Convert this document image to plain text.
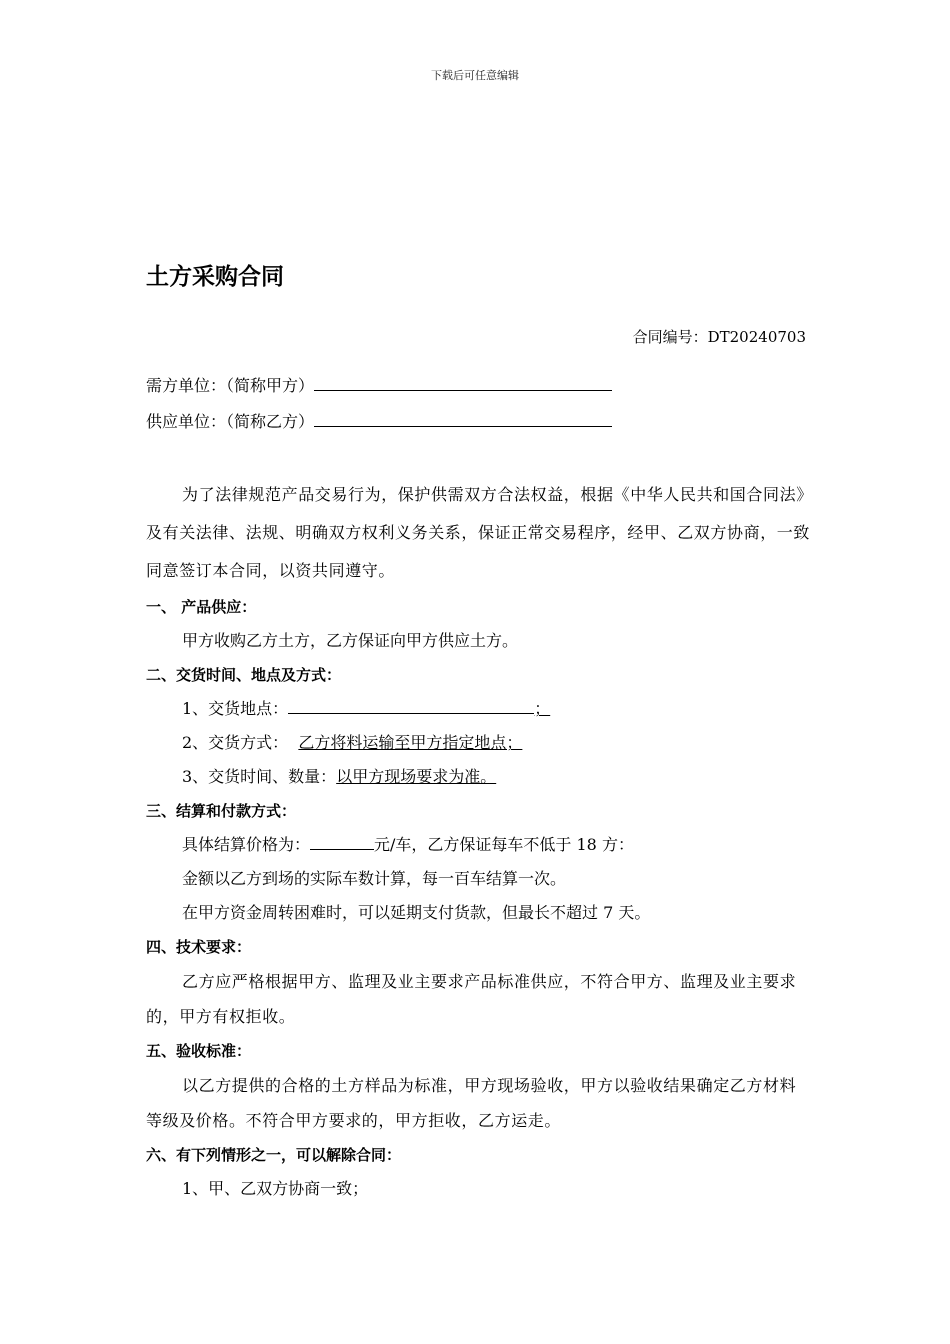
下载后可任意编辑
土方采购合同
合同编号：DT20240703
需方单位：（简称甲方）
供应单位：（简称乙方）

为了法律规范产品交易行为，保护供需双方合法权益，根据《中华人民共和国合同法》及有关法律、法规、明确双方权利义务关系，保证正常交易程序，经甲、乙双方协商，一致同意签订本合同，以资共同遵守。

一、 产品供应：

甲方收购乙方土方，乙方保证向甲方供应土方。

二、交货时间、地点及方式：

1、交货地点：	；

2、交货方式： 乙方将料运输至甲方指定地点；

3、交货时间、数量：以甲方现场要求为准。

三、结算和付款方式：

具体结算价格为：	元/车，乙方保证每车不低于 18 方：

金额以乙方到场的实际车数计算，每一百车结算一次。

在甲方资金周转困难时，可以延期支付货款，但最长不超过 7 天。

四、技术要求：

乙方应严格根据甲方、监理及业主要求产品标准供应，不符合甲方、监理及业主要求的，甲方有权拒收。

五、验收标准：

以乙方提供的合格的土方样品为标准，甲方现场验收，甲方以验收结果确定乙方材料等级及价格。不符合甲方要求的，甲方拒收，乙方运走。

六、有下列情形之一，可以解除合同：

1、甲、乙双方协商一致；
